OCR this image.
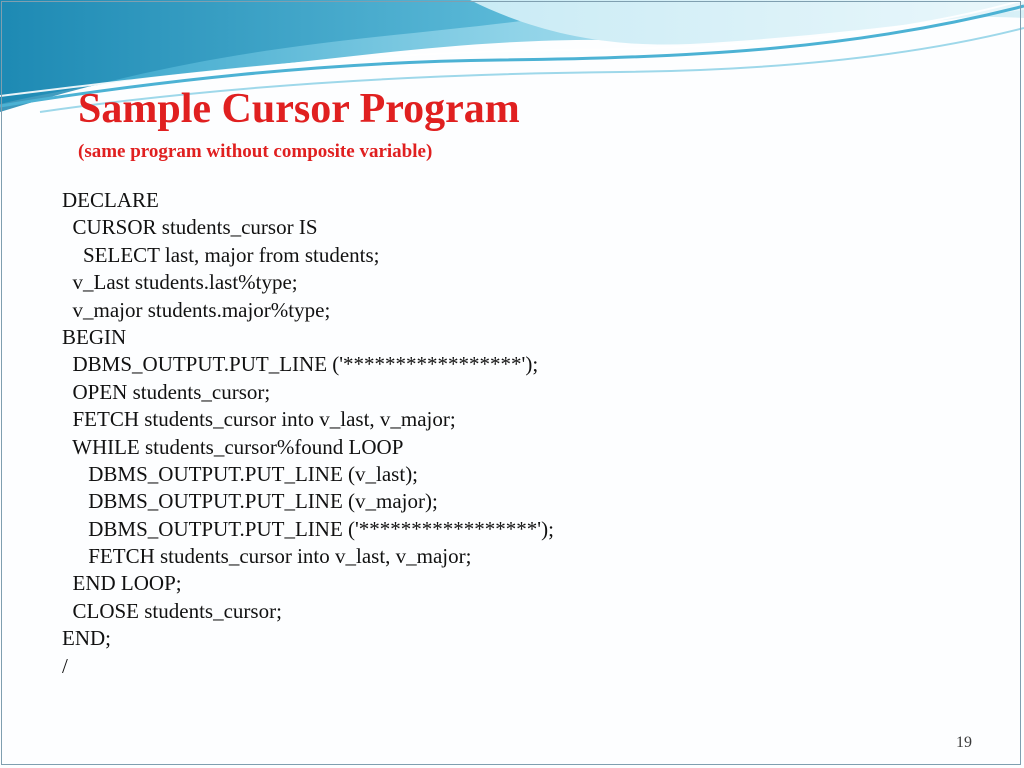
Sample Cursor Program

(same program without composite variable)

DECLARE
CURSOR students_cursor IS
SELECT last, major from students;
v_Last students.last%type;
v_major students.major%type;
BEGIN
DBMS_OUTPUT.PUT_LINE ('*****************');
OPEN students_cursor;
FETCH students_cursor into v_last, v_major;
WHILE students_cursor%found LOOP
DBMS_OUTPUT.PUT_LINE (v_last);
DBMS_OUTPUT.PUT_LINE (v_major);
DBMS_OUTPUT.PUT_LINE ('*****************');
FETCH students_cursor into v_last, v_major;
END LOOP;
CLOSE students_cursor;
END;
/
19
